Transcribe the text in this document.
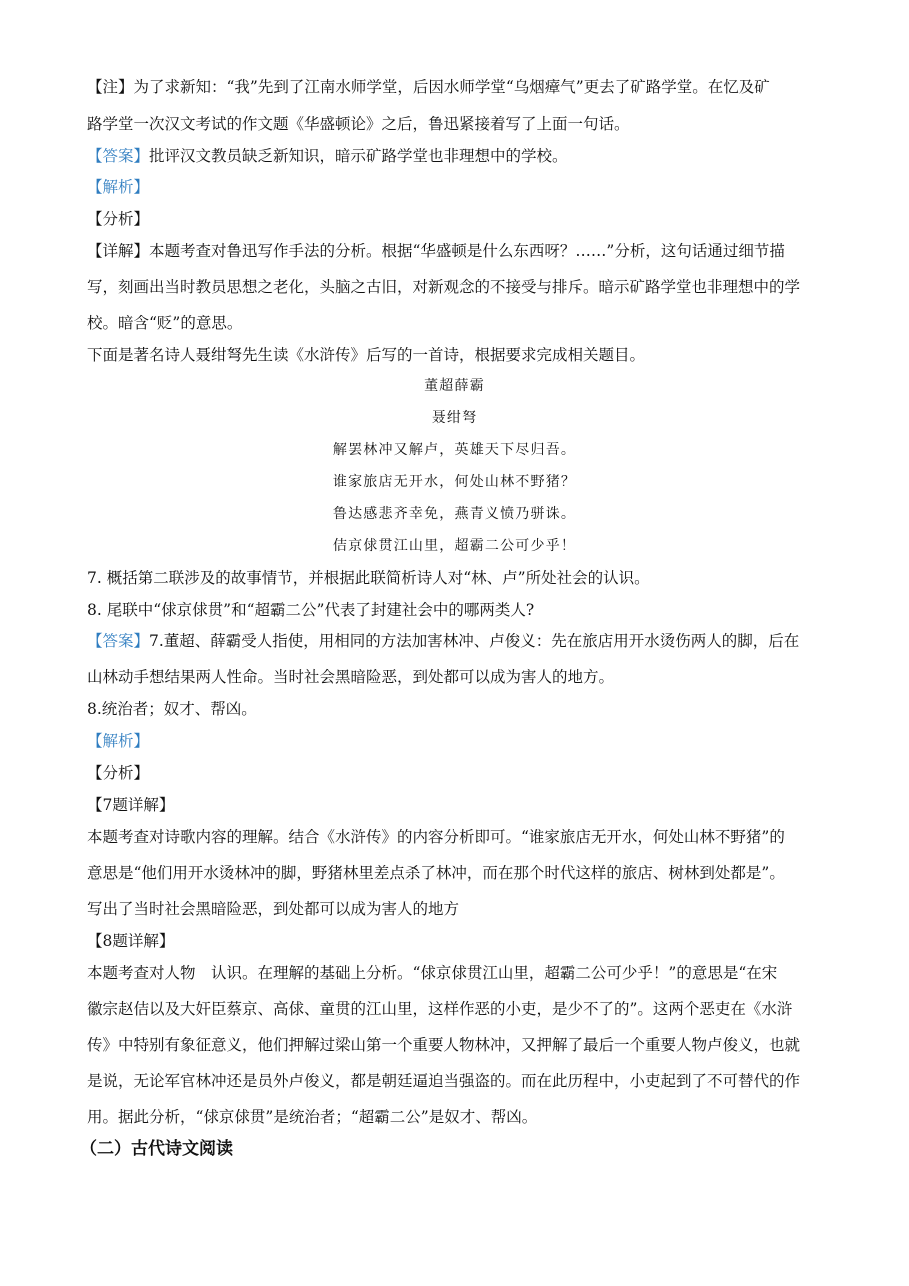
【注】为了求新知：“我”先到了江南水师学堂，后因水师学堂“乌烟瘴气”更去了矿路学堂。在忆及矿
路学堂一次汉文考试的作文题《华盛顿论》之后，鲁迅紧接着写了上面一句话。
【答案】批评汉文教员缺乏新知识，暗示矿路学堂也非理想中的学校。
【解析】
【分析】
【详解】本题考查对鲁迅写作手法的分析。根据“华盛顿是什么东西呀？……”分析，这句话通过细节描
写，刻画出当时教员思想之老化，头脑之古旧，对新观念的不接受与排斥。暗示矿路学堂也非理想中的学
校。暗含“贬”的意思。
下面是著名诗人聂绀弩先生读《水浒传》后写的一首诗，根据要求完成相关题目。
董超薛霸
聂绀弩
解罢林冲又解卢，英雄天下尽归吾。
谁家旅店无开水，何处山林不野猪？
鲁达感悲齐幸免，燕青义愤乃骈诛。
佶京俅贯江山里，超霸二公可少乎！
7. 概括第二联涉及的故事情节，并根据此联简析诗人对“林、卢”所处社会的认识。
8. 尾联中“俅京俅贯”和“超霸二公”代表了封建社会中的哪两类人?
【答案】7.董超、薛霸受人指使，用相同的方法加害林冲、卢俊义：先在旅店用开水烫伤两人的脚，后在
山林动手想结果两人性命。当时社会黑暗险恶，到处都可以成为害人的地方。
8.统治者；奴才、帮凶。
【解析】
【分析】
【7题详解】
本题考查对诗歌内容的理解。结合《水浒传》的内容分析即可。“谁家旅店无开水，何处山林不野猪”的
意思是“他们用开水烫林冲的脚，野猪林里差点杀了林冲，而在那个时代这样的旅店、树林到处都是”。
写出了当时社会黑暗险恶，到处都可以成为害人的地方
【8题详解】
本题考查对人物　认识。在理解的基础上分析。“俅京俅贯江山里，超霸二公可少乎！”的意思是“在宋
徽宗赵佶以及大奸臣蔡京、高俅、童贯的江山里，这样作恶的小吏，是少不了的”。这两个恶吏在《水浒
传》中特别有象征意义，他们押解过梁山第一个重要人物林冲，又押解了最后一个重要人物卢俊义，也就
是说，无论军官林冲还是员外卢俊义，都是朝廷逼迫当强盗的。而在此历程中，小吏起到了不可替代的作
用。据此分析，“俅京俅贯”是统治者；“超霸二公”是奴才、帮凶。
（二）古代诗文阅读
